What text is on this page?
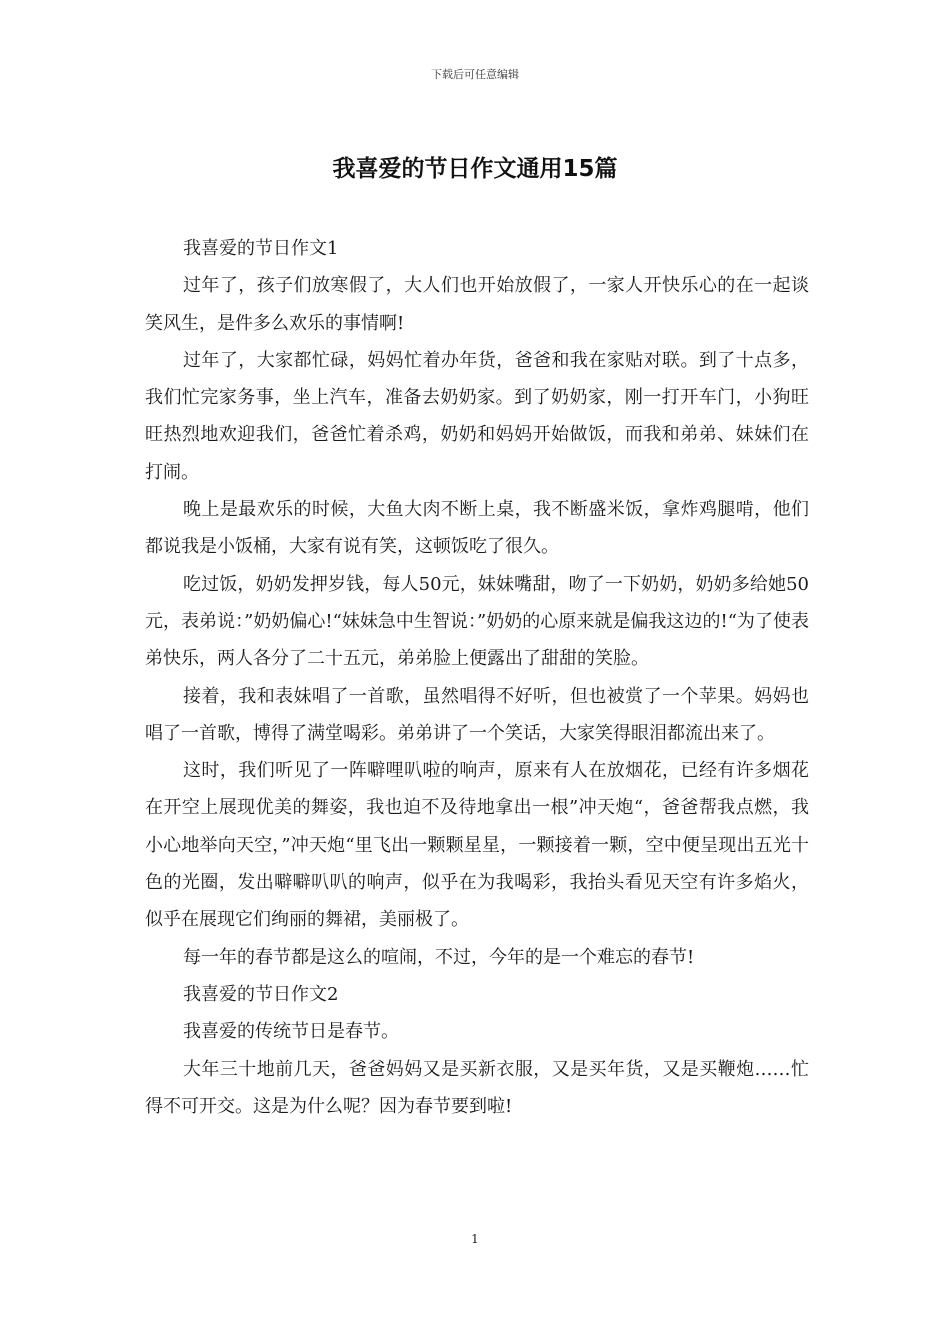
下载后可任意编辑
我喜爱的节日作文通用15篇

我喜爱的节日作文1

过年了，孩子们放寒假了，大人们也开始放假了，一家人开快乐心的在一起谈笑风生，是件多么欢乐的事情啊!

过年了，大家都忙碌，妈妈忙着办年货，爸爸和我在家贴对联。到了十点多，我们忙完家务事，坐上汽车，准备去奶奶家。到了奶奶家，刚一打开车门，小狗旺旺热烈地欢迎我们，爸爸忙着杀鸡，奶奶和妈妈开始做饭，而我和弟弟、妹妹们在打闹。

晚上是最欢乐的时候，大鱼大肉不断上桌，我不断盛米饭，拿炸鸡腿啃，他们都说我是小饭桶，大家有说有笑，这顿饭吃了很久。

吃过饭，奶奶发押岁钱，每人50元，妹妹嘴甜，吻了一下奶奶，奶奶多给她50元，表弟说：”奶奶偏心!“妹妹急中生智说：”奶奶的心原来就是偏我这边的!“为了使表弟快乐，两人各分了二十五元，弟弟脸上便露出了甜甜的笑脸。

接着，我和表妹唱了一首歌，虽然唱得不好听，但也被赏了一个苹果。妈妈也唱了一首歌，博得了满堂喝彩。弟弟讲了一个笑话，大家笑得眼泪都流出来了。

这时，我们听见了一阵噼哩叭啦的响声，原来有人在放烟花，已经有许多烟花在开空上展现优美的舞姿，我也迫不及待地拿出一根”冲天炮“，爸爸帮我点燃，我小心地举向天空，”冲天炮“里飞出一颗颗星星，一颗接着一颗，空中便呈现出五光十色的光圈，发出噼噼叭叭的响声，似乎在为我喝彩，我抬头看见天空有许多焰火，似乎在展现它们绚丽的舞裙，美丽极了。

每一年的春节都是这么的喧闹，不过，今年的是一个难忘的春节!

我喜爱的节日作文2

我喜爱的传统节日是春节。

大年三十地前几天，爸爸妈妈又是买新衣服，又是买年货，又是买鞭炮……忙得不可开交。这是为什么呢？因为春节要到啦!

1
